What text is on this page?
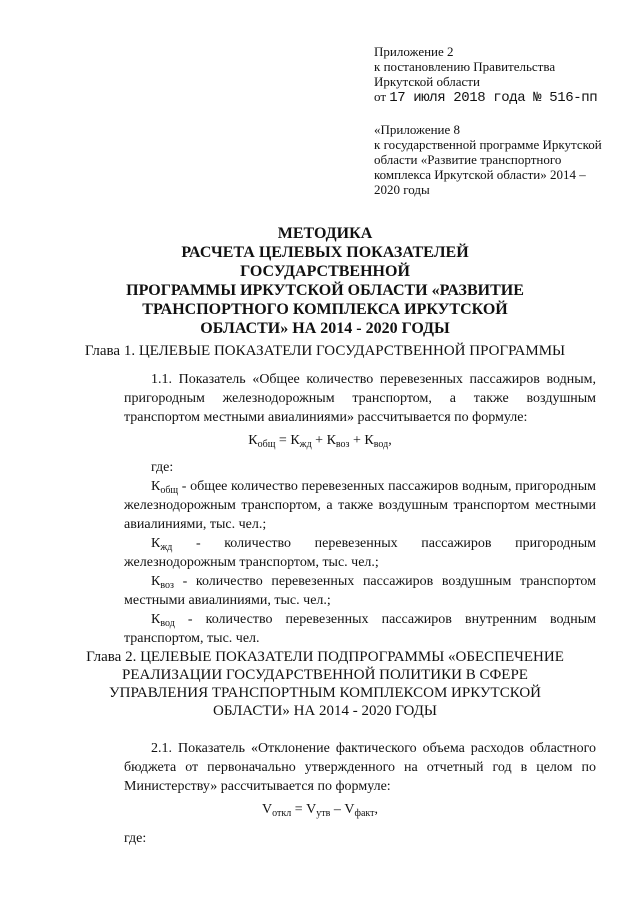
Приложение 2
к постановлению Правительства
Иркутской области
от 17 июля 2018 года № 516-пп
«Приложение 8
к государственной программе Иркутской
области «Развитие транспортного
комплекса Иркутской области» 2014 –
2020 годы
МЕТОДИКА
РАСЧЕТА ЦЕЛЕВЫХ ПОКАЗАТЕЛЕЙ ГОСУДАРСТВЕННОЙ
ПРОГРАММЫ ИРКУТСКОЙ ОБЛАСТИ «РАЗВИТИЕ
ТРАНСПОРТНОГО КОМПЛЕКСА ИРКУТСКОЙ
ОБЛАСТИ» НА 2014 - 2020 ГОДЫ
Глава 1. ЦЕЛЕВЫЕ ПОКАЗАТЕЛИ ГОСУДАРСТВЕННОЙ ПРОГРАММЫ
1.1. Показатель «Общее количество перевезенных пассажиров водным,
пригородным железнодорожным транспортом, а также воздушным
транспортом местными авиалиниями» рассчитывается по формуле:
$К_{общ} = К_{жд} + К_{воз} + К_{вод}$,
где:
$К_{общ}$ - общее количество перевезенных пассажиров водным, пригородным
железнодорожным транспортом, а также воздушным транспортом местными
авиалиниями, тыс. чел.;
$К_{жд}$ - количество перевезенных пассажиров пригородным
железнодорожным транспортом, тыс. чел.;
$К_{воз}$ - количество перевезенных пассажиров воздушным транспортом
местными авиалиниями, тыс. чел.;
$К_{вод}$ - количество перевезенных пассажиров внутренним водным
транспортом, тыс. чел.
Глава 2. ЦЕЛЕВЫЕ ПОКАЗАТЕЛИ ПОДПРОГРАММЫ «ОБЕСПЕЧЕНИЕ
РЕАЛИЗАЦИИ ГОСУДАРСТВЕННОЙ ПОЛИТИКИ В СФЕРЕ
УПРАВЛЕНИЯ ТРАНСПОРТНЫМ КОМПЛЕКСОМ ИРКУТСКОЙ
ОБЛАСТИ» НА 2014 - 2020 ГОДЫ
2.1. Показатель «Отклонение фактического объема расходов областного
бюджета от первоначально утвержденного на отчетный год в целом по
Министерству» рассчитывается по формуле:
$V_{откл} = V_{утв} - V_{факт}$,
где:
